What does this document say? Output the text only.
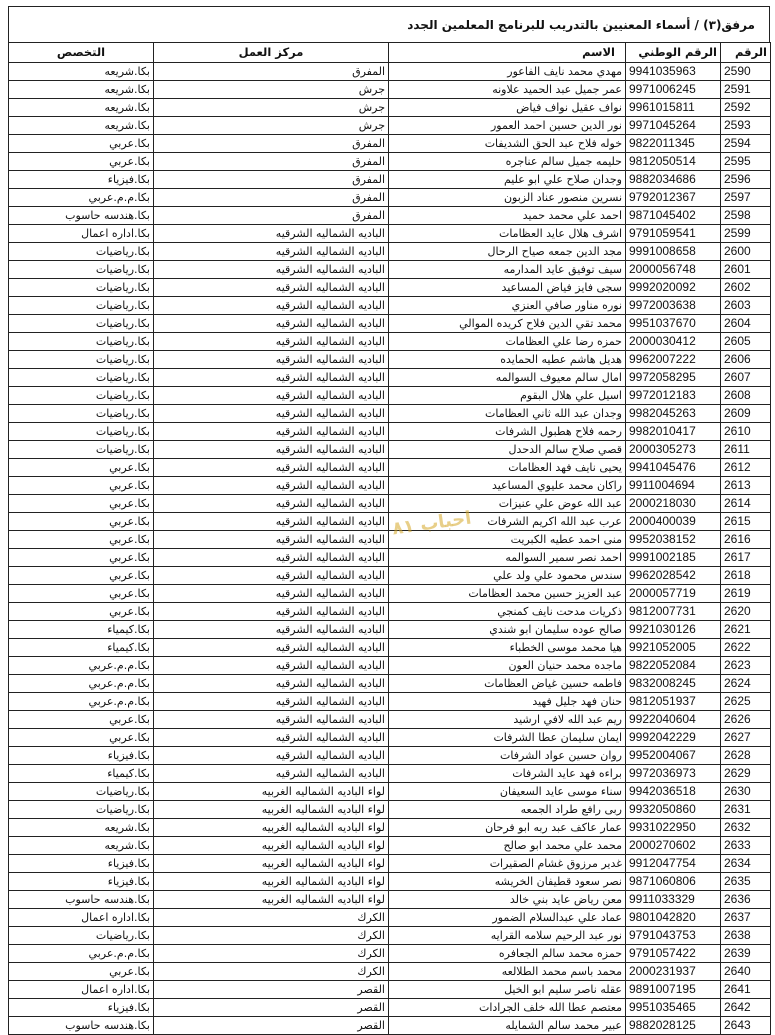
مرفق(٣) / أسماء المعنيين بالتدريب للبرنامج المعلمين الجدد
التخصص	مركز العمل	الاسم	الرقم الوطني	الرقم
بكا.شريعه	المفرق	مهدي محمد نايف الفاعور	9941035963	2590
بكا.شريعه	جرش	عمر جميل عبد الحميد علاونه	9971006245	2591
بكا.شريعه	جرش	نواف عقيل نواف فياض	9961015811	2592
بكا.شريعه	جرش	نور الدين حسين احمد العمور	9971045264	2593
بكا.عربي	المفرق	خوله فلاح عبد الحق الشديفات	9822011345	2594
بكا.عربي	المفرق	حليمه جميل سالم عناجره	9812050514	2595
بكا.فيزياء	المفرق	وجدان صلاح علي ابو عليم	9882034686	2596
بكا.م.م.عربي	المفرق	نسرين منصور عناد الزبون	9792012367	2597
بكا.هندسه حاسوب	المفرق	احمد علي محمد حميد	9871045402	2598
بكا.اداره اعمال	الباديه الشماليه الشرقيه	اشرف هلال عايد العظامات	9791059541	2599
بكا.رياضيات	الباديه الشماليه الشرقيه	مجد الدين جمعه صياح الرحال	9991008658	2600
بكا.رياضيات	الباديه الشماليه الشرقيه	سيف توفيق عايد المدارمه	2000056748	2601
بكا.رياضيات	الباديه الشماليه الشرقيه	سجى فايز فياض المساعيد	9992020092	2602
بكا.رياضيات	الباديه الشماليه الشرقيه	نوره مناور صافي العنزي	9972003638	2603
بكا.رياضيات	الباديه الشماليه الشرقيه	محمد تقي الدين فلاح كريده الموالي	9951037670	2604
بكا.رياضيات	الباديه الشماليه الشرقيه	حمزه رضا علي العظامات	2000030412	2605
بكا.رياضيات	الباديه الشماليه الشرقيه	هديل هاشم عطيه الحمايده	9962007222	2606
بكا.رياضيات	الباديه الشماليه الشرقيه	امال سالم معيوف السوالمه	9972058295	2607
بكا.رياضيات	الباديه الشماليه الشرقيه	اسيل علي هلال البقوم	9972012183	2608
بكا.رياضيات	الباديه الشماليه الشرقيه	وجدان عبد الله ثاني العظامات	9982045263	2609
بكا.رياضيات	الباديه الشماليه الشرقيه	رحمه فلاح هطبول الشرفات	9982010417	2610
بكا.رياضيات	الباديه الشماليه الشرقيه	قصي صلاح سالم الدحدل	2000305273	2611
بكا.عربي	الباديه الشماليه الشرقيه	يحيى نايف فهد العظامات	9941045476	2612
بكا.عربي	الباديه الشماليه الشرقيه	راكان محمد عليوي المساعيد	9911004694	2613
بكا.عربي	الباديه الشماليه الشرقيه	عبد الله عوض علي عنيزات	2000218030	2614
بكا.عربي	الباديه الشماليه الشرقيه	عرب عبد الله اكريم الشرفات	2000400039	2615
بكا.عربي	الباديه الشماليه الشرقيه	منى احمد عطيه الكبريت	9952038152	2616
بكا.عربي	الباديه الشماليه الشرقيه	احمد نصر سمير السوالمه	9991002185	2617
بكا.عربي	الباديه الشماليه الشرقيه	سندس محمود علي ولد علي	9962028542	2618
بكا.عربي	الباديه الشماليه الشرقيه	عبد العزيز حسين محمد العظامات	2000057719	2619
بكا.عربي	الباديه الشماليه الشرقيه	ذكريات مدحت نايف كمنجي	9812007731	2620
بكا.كيمياء	الباديه الشماليه الشرقيه	صالح عوده سليمان ابو شندي	9921030126	2621
بكا.كيمياء	الباديه الشماليه الشرقيه	هيا محمد موسى الخطباء	9921052005	2622
بكا.م.م.عربي	الباديه الشماليه الشرقيه	ماجده محمد حنيان العون	9822052084	2623
بكا.م.م.عربي	الباديه الشماليه الشرقيه	فاطمه حسين غياض العظامات	9832008245	2624
بكا.م.م.عربي	الباديه الشماليه الشرقيه	حنان فهد جليل فهيد	9812051937	2625
بكا.عربي	الباديه الشماليه الشرقيه	ريم عبد الله لافي ارشيد	9922040604	2626
بكا.عربي	الباديه الشماليه الشرقيه	ايمان سليمان عطا الشرفات	9992042229	2627
بكا.فيزياء	الباديه الشماليه الشرقيه	روان حسين عواد الشرفات	9952004067	2628
بكا.كيمياء	الباديه الشماليه الشرقيه	براءه فهد عايد الشرفات	9972036973	2629
بكا.رياضيات	لواء الباديه الشماليه الغربيه	سناء موسى عايد السعيفان	9942036518	2630
بكا.رياضيات	لواء الباديه الشماليه الغربيه	ربى رافع طراد الجمعه	9932050860	2631
بكا.شريعه	لواء الباديه الشماليه الغربيه	عمار عاكف عبد ربه ابو فرحان	9931022950	2632
بكا.شريعه	لواء الباديه الشماليه الغربيه	محمد علي محمد ابو صالح	2000270602	2633
بكا.فيزياء	لواء الباديه الشماليه الغربيه	غدير مرزوق غشام الصقيرات	9912047754	2634
بكا.فيزياء	لواء الباديه الشماليه الغربيه	نصر سعود قطيفان الخريشه	9871060806	2635
بكا.هندسه حاسوب	لواء الباديه الشماليه الغربيه	معن رياض عايد بني خالد	9911033329	2636
بكا.اداره اعمال	الكرك	عماد علي عبدالسلام الضمور	9801042820	2637
بكا.رياضيات	الكرك	نور عبد الرحيم سلامه القرايه	9791043753	2638
بكا.م.م.عربي	الكرك	حمزه محمد سالم الجعافره	9791057422	2639
بكا.عربي	الكرك	محمد باسم محمد الطلالعه	2000231937	2640
بكا.اداره اعمال	القصر	عقله ناصر سليم ابو الخيل	9891007195	2641
بكا.فيزياء	القصر	معتصم عطا الله خلف الجرادات	9951035465	2642
بكا.هندسه حاسوب	القصر	عبير محمد سالم الشمايله	9882028125	2643
احباب ٨١
